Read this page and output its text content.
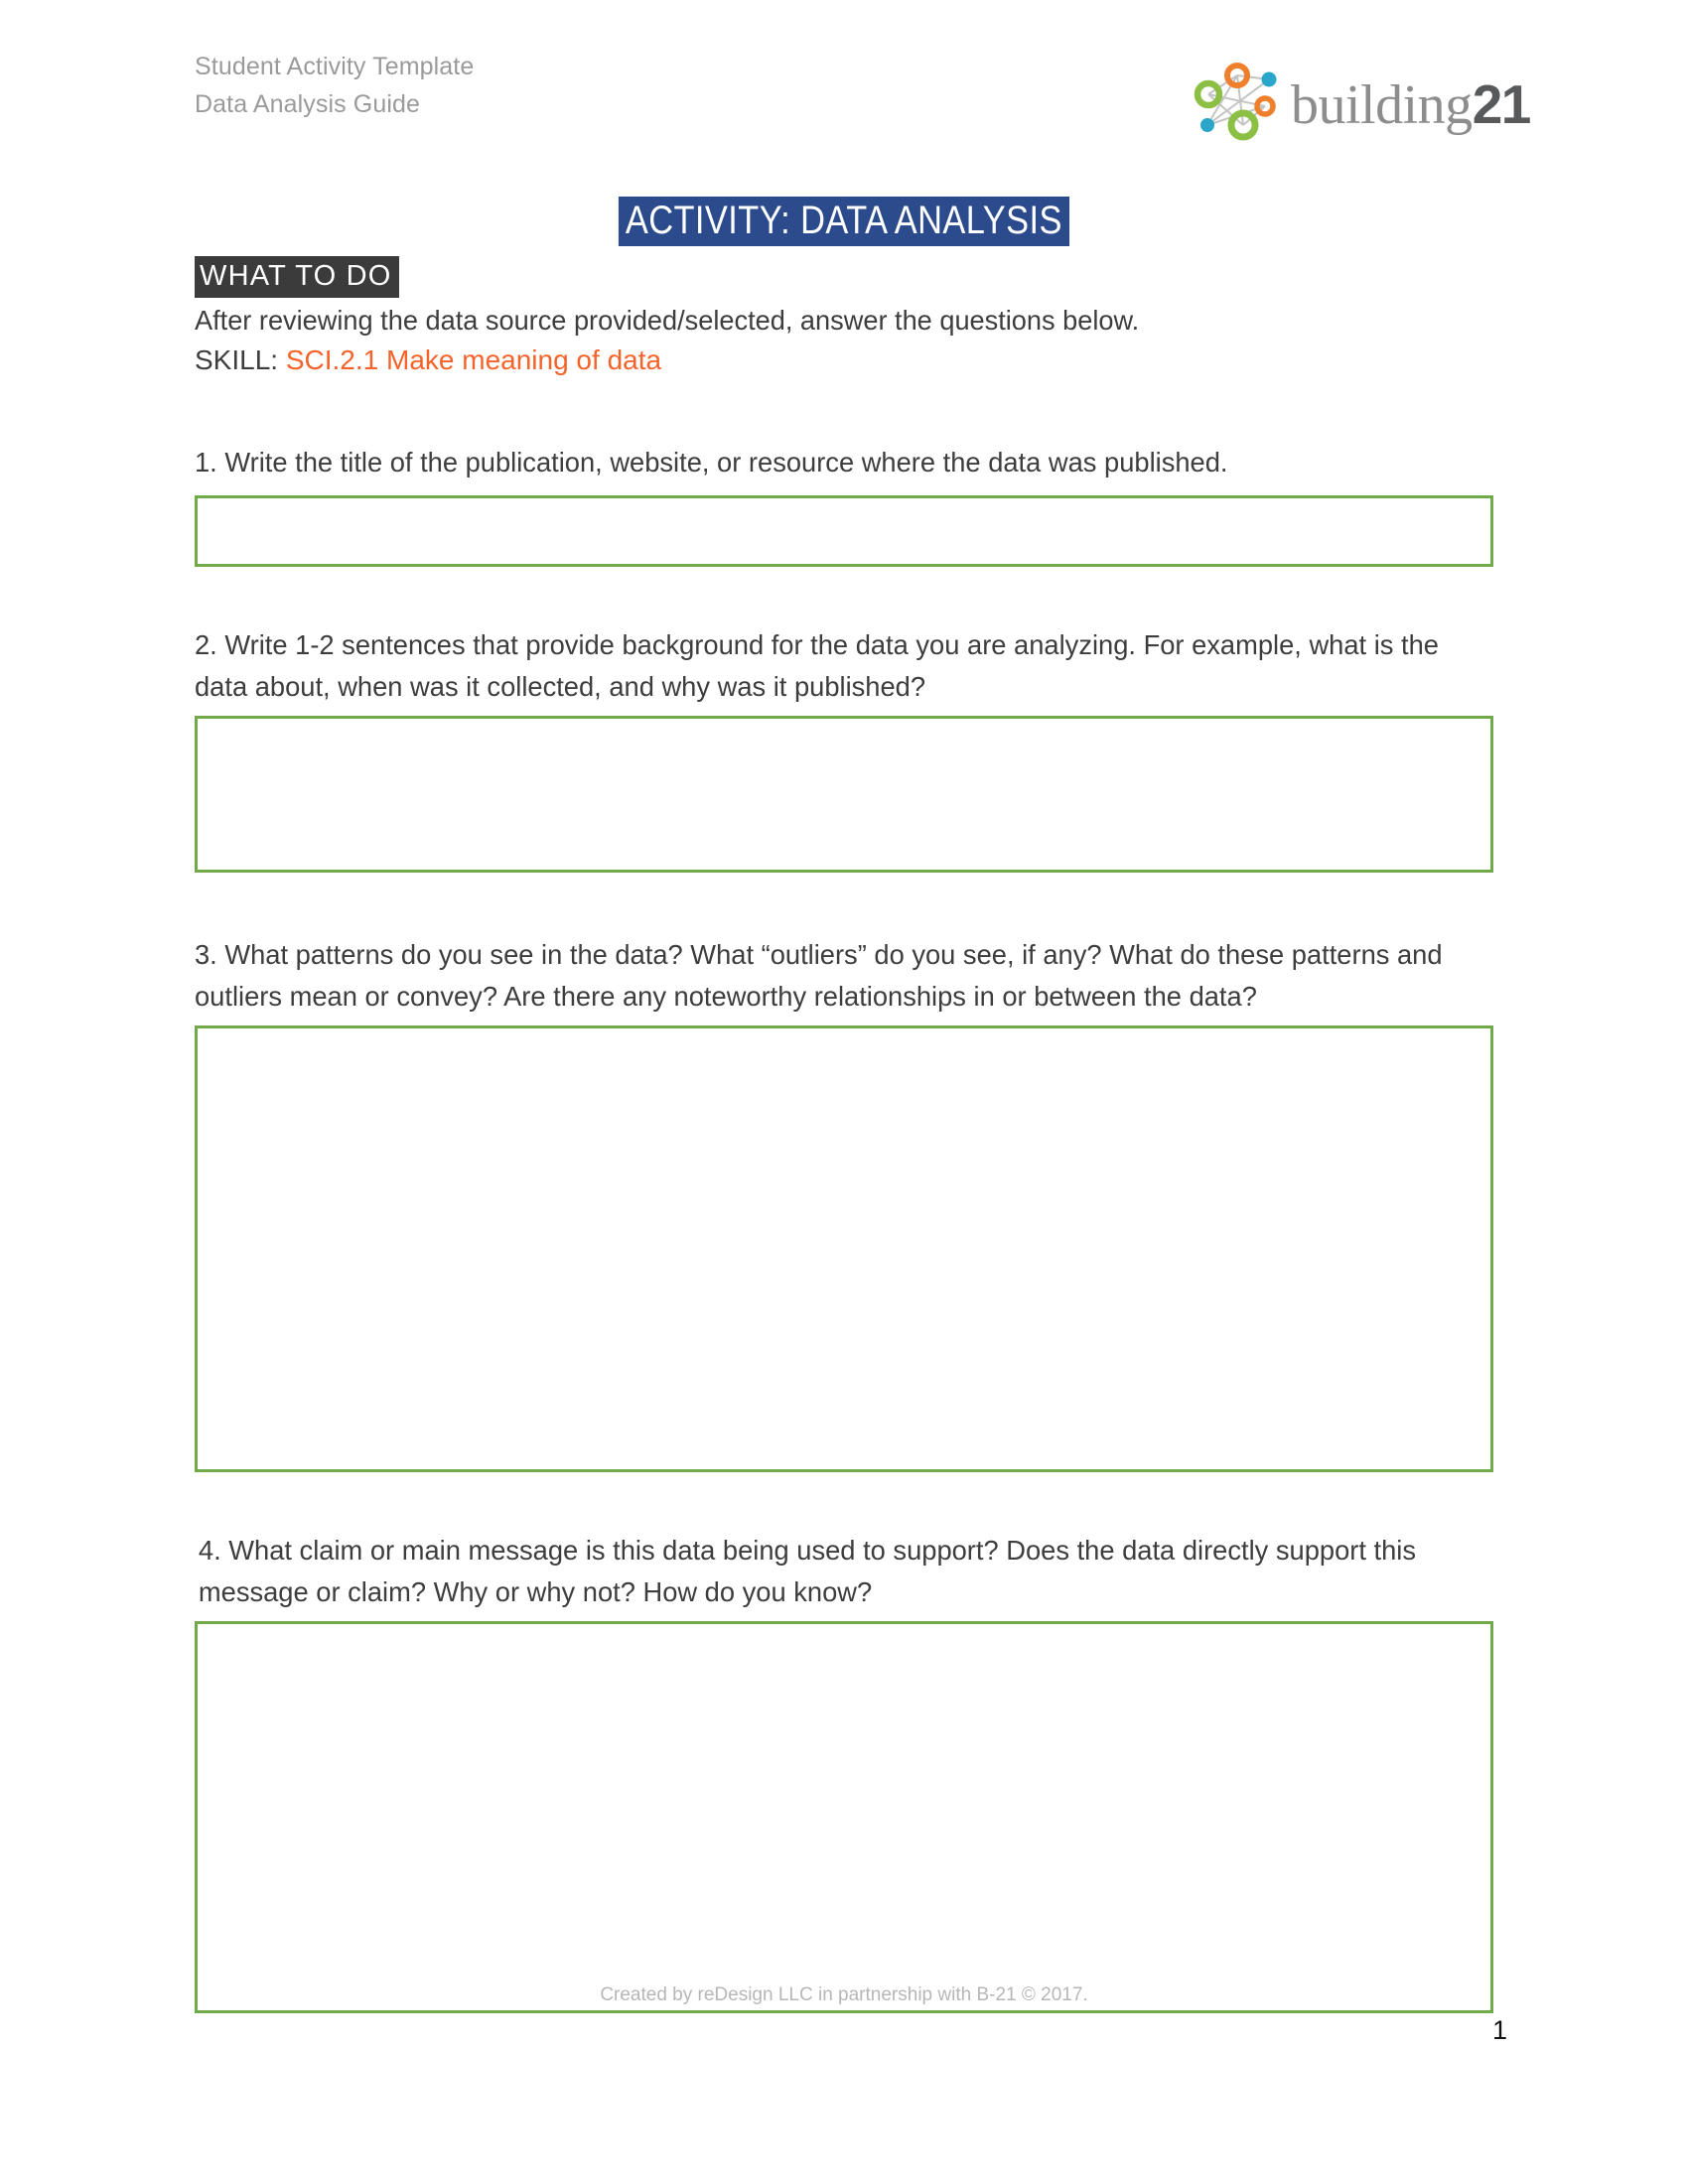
Student Activity Template
Data Analysis Guide	building21
ACTIVITY: DATA ANALYSIS
WHAT TO DO
After reviewing the data source provided/selected, answer the questions below.
SKILL: SCI.2.1 Make meaning of data
1. Write the title of the publication, website, or resource where the data was published.
2. Write 1-2 sentences that provide background for the data you are analyzing. For example, what is the data about, when was it collected, and why was it published?
3. What patterns do you see in the data? What “outliers” do you see, if any? What do these patterns and outliers mean or convey? Are there any noteworthy relationships in or between the data?
4. What claim or main message is this data being used to support? Does the data directly support this message or claim? Why or why not? How do you know?
Created by reDesign LLC in partnership with B-21 © 2017.
1
